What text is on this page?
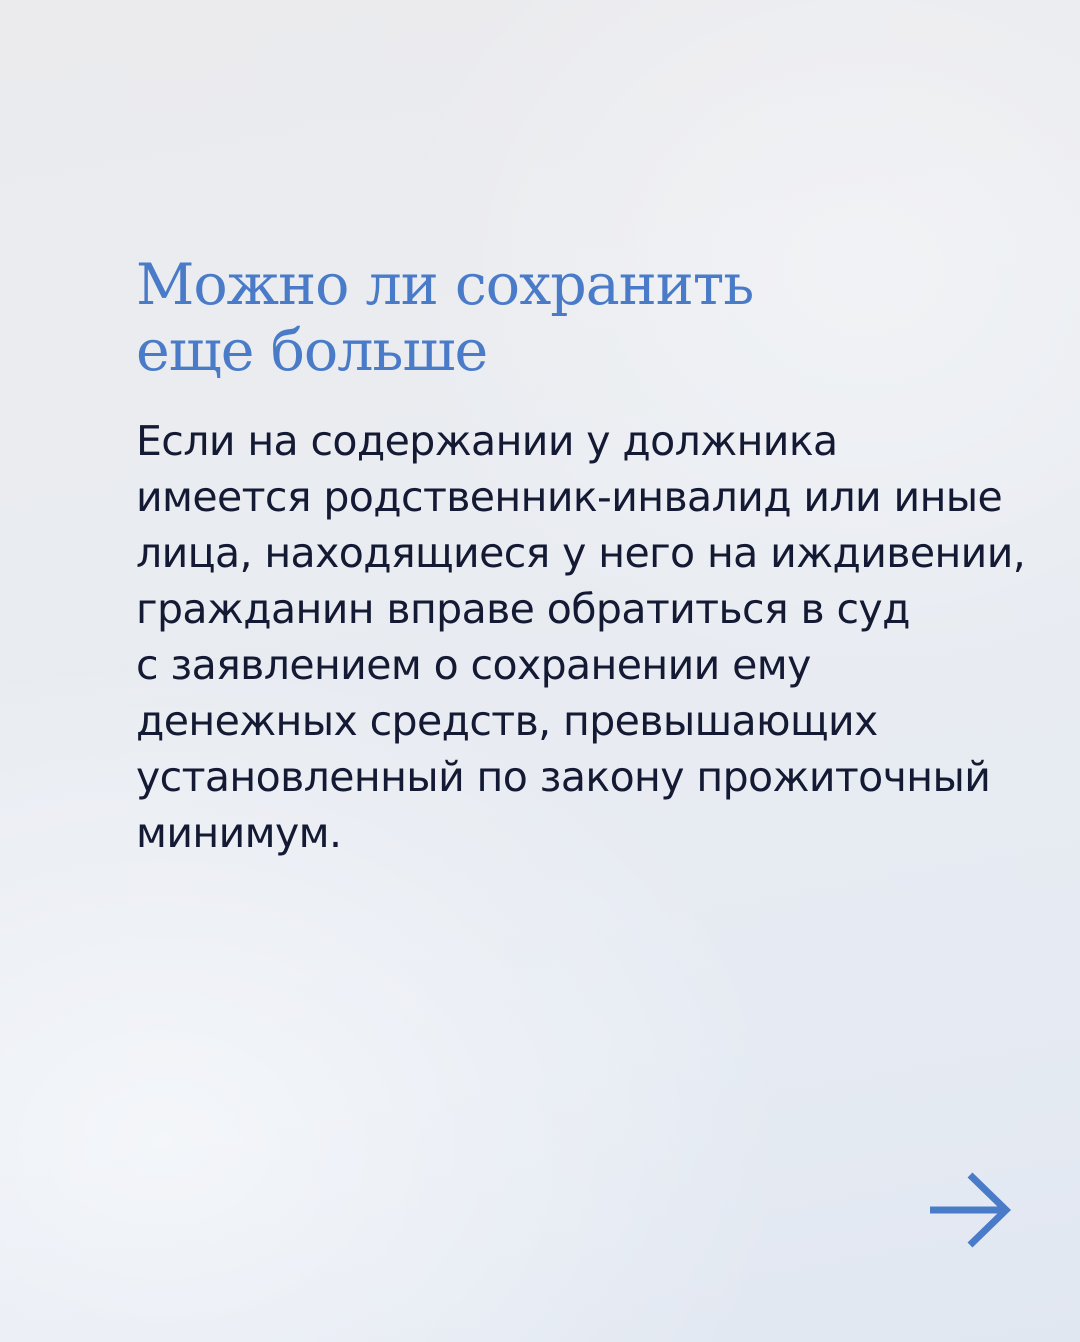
Можно ли сохранить
еще больше
Если на содержании у должника
имеется родственник-инвалид или иные
лица, находящиеся у него на иждивении,
гражданин вправе обратиться в суд
с заявлением о сохранении ему
денежных средств, превышающих
установленный по закону прожиточный
минимум.
